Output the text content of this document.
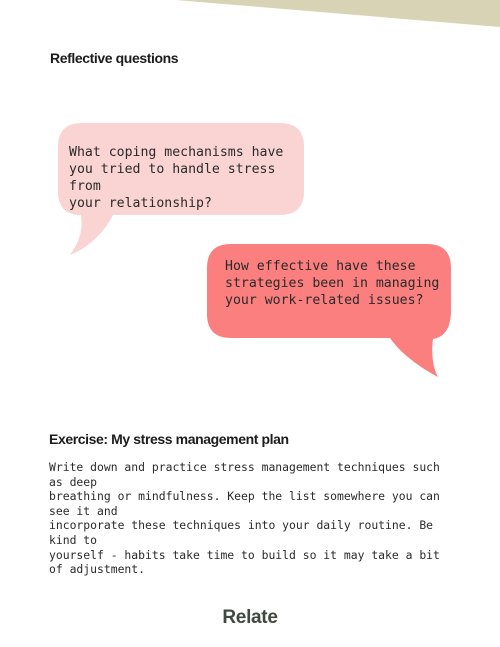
Reflective questions

What coping mechanisms have
you tried to handle stress from
your relationship?

How effective have these
strategies been in managing
your work-related issues?

Exercise: My stress management plan

Write down and practice stress management techniques such as deep
breathing or mindfulness. Keep the list somewhere you can see it and
incorporate these techniques into your daily routine. Be kind to
yourself - habits take time to build so it may take a bit of adjustment.

Relate
